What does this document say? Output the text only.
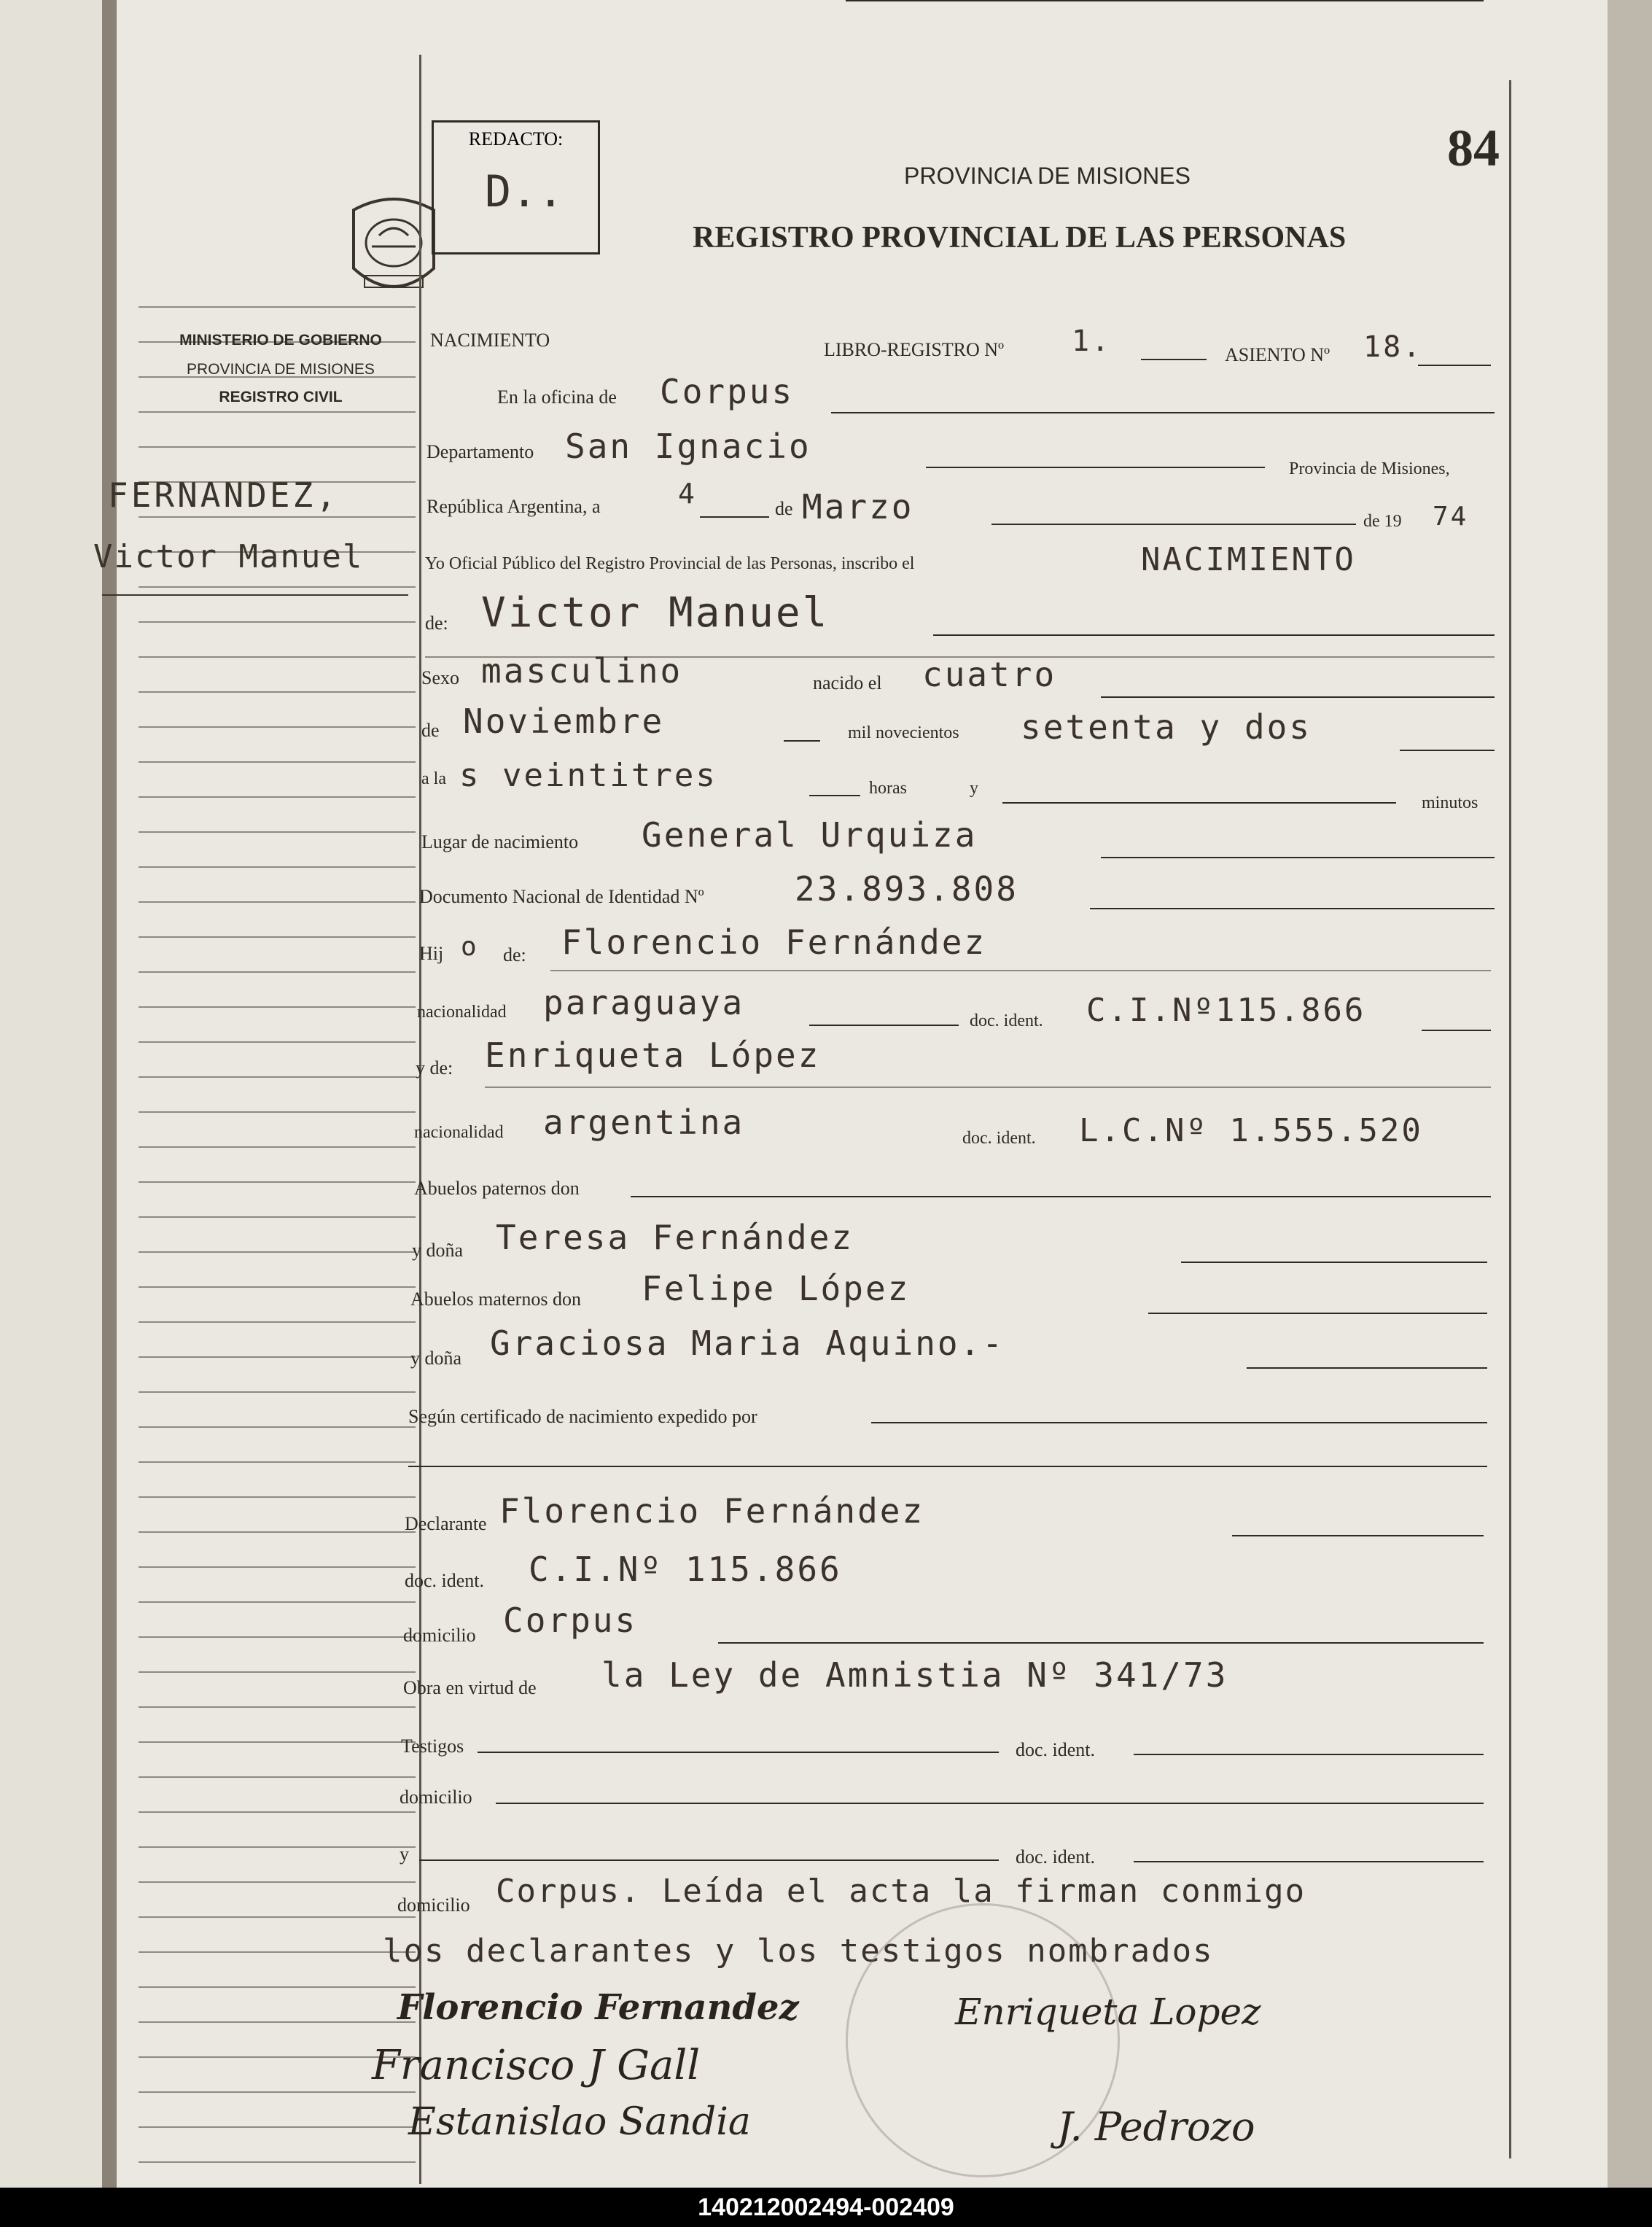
MINISTERIO DE GOBIERNO
PROVINCIA DE MISIONES
REGISTRO CIVIL
FERNANDEZ,
Victor Manuel
REDACTO:
D..
84
PROVINCIA DE MISIONES
REGISTRO PROVINCIAL DE LAS PERSONAS
NACIMIENTO	LIBRO-REGISTRO Nº 1.	ASIENTO Nº 18.
En la oficina de Corpus
Departamento San Ignacio
Provincia de Misiones,
República Argentina, a	4	de Marzo	de 19 74
Yo Oficial Público del Registro Provincial de las Personas, inscribo el	NACIMIENTO
de: Victor Manuel
Sexo masculino	nacido el cuatro
de Noviembre	mil novecientos setenta y dos
a la s veintitres	horas	y
minutos
Lugar de nacimiento General Urquiza
Documento Nacional de Identidad Nº	23.893.808
Hij o de: Florencio Fernández
nacionalidad paraguaya	doc. ident. C.I.Nº115.866
y de: Enriqueta López
nacionalidad argentina	doc. ident. L.C.Nº 1.555.520
Abuelos paternos don
y doña Teresa Fernández
Abuelos maternos don Felipe López
y doña Graciosa Maria Aquino.-
Según certificado de nacimiento expedido por
Declarante Florencio Fernández
doc. ident. C.I.Nº 115.866
domicilio Corpus
Obra en virtud de la Ley de Amnistia Nº 341/73
Testigos	doc. ident.
domicilio
y	doc. ident.
domicilio Corpus. Leída el acta la firman conmigo
los declarantes y los testigos nombrados
Florencio Fernandez	Enriqueta Lopez
Francisco J Gall
Estanislao Sandia	J. Pedrozo
140212002494-002409
